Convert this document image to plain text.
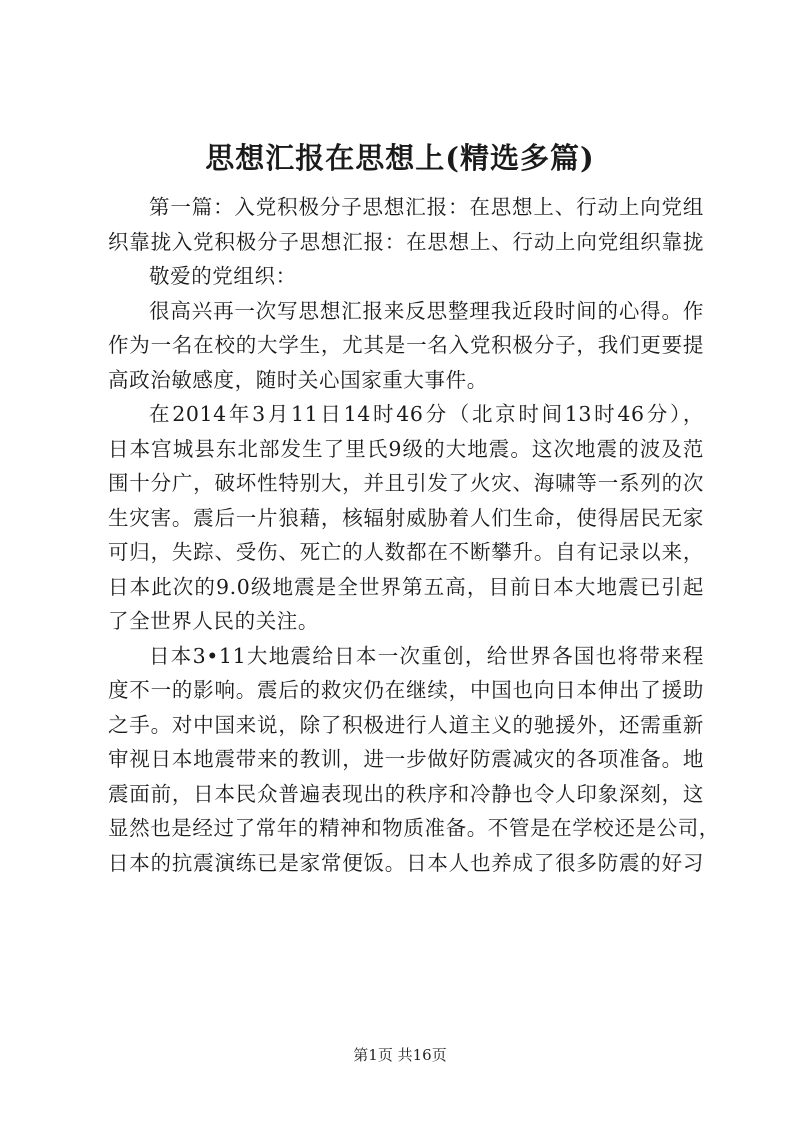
思想汇报在思想上(精选多篇)
第一篇：入党积极分子思想汇报：在思想上、行动上向党组
织靠拢入党积极分子思想汇报：在思想上、行动上向党组织靠拢
敬爱的党组织：
很高兴再一次写思想汇报来反思整理我近段时间的心得。作
作为一名在校的大学生，尤其是一名入党积极分子，我们更要提
高政治敏感度，随时关心国家重大事件。
在2014年3月11日14时46分（北京时间13时46分），
日本宫城县东北部发生了里氏9级的大地震。这次地震的波及范
围十分广，破坏性特别大，并且引发了火灾、海啸等一系列的次
生灾害。震后一片狼藉，核辐射威胁着人们生命，使得居民无家
可归，失踪、受伤、死亡的人数都在不断攀升。自有记录以来，
日本此次的9.0级地震是全世界第五高，目前日本大地震已引起
了全世界人民的关注。
日本3•11大地震给日本一次重创，给世界各国也将带来程
度不一的影响。震后的救灾仍在继续，中国也向日本伸出了援助
之手。对中国来说，除了积极进行人道主义的驰援外，还需重新
审视日本地震带来的教训，进一步做好防震减灾的各项准备。地
震面前，日本民众普遍表现出的秩序和冷静也令人印象深刻，这
显然也是经过了常年的精神和物质准备。不管是在学校还是公司，
日本的抗震演练已是家常便饭。日本人也养成了很多防震的好习
第1页 共16页
